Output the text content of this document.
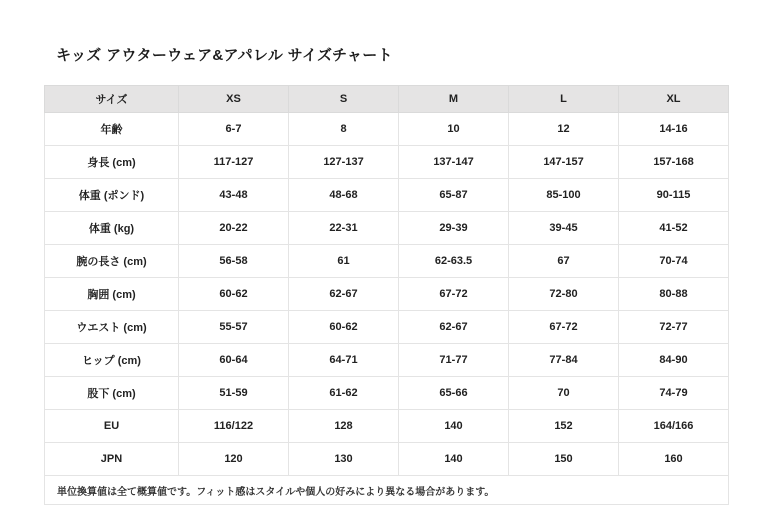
キッズ アウターウェア&アパレル サイズチャート
サイズ	XS	S	M	L	XL
年齢	6-7	8	10	12	14-16
身長 (cm)	117-127	127-137	137-147	147-157	157-168
体重 (ポンド)	43-48	48-68	65-87	85-100	90-115
体重 (kg)	20-22	22-31	29-39	39-45	41-52
腕の長さ (cm)	56-58	61	62-63.5	67	70-74
胸囲 (cm)	60-62	62-67	67-72	72-80	80-88
ウエスト (cm)	55-57	60-62	62-67	67-72	72-77
ヒップ (cm)	60-64	64-71	71-77	77-84	84-90
股下 (cm)	51-59	61-62	65-66	70	74-79
EU	116/122	128	140	152	164/166
JPN	120	130	140	150	160
単位換算値は全て概算値です。フィット感はスタイルや個人の好みにより異なる場合があります。					
